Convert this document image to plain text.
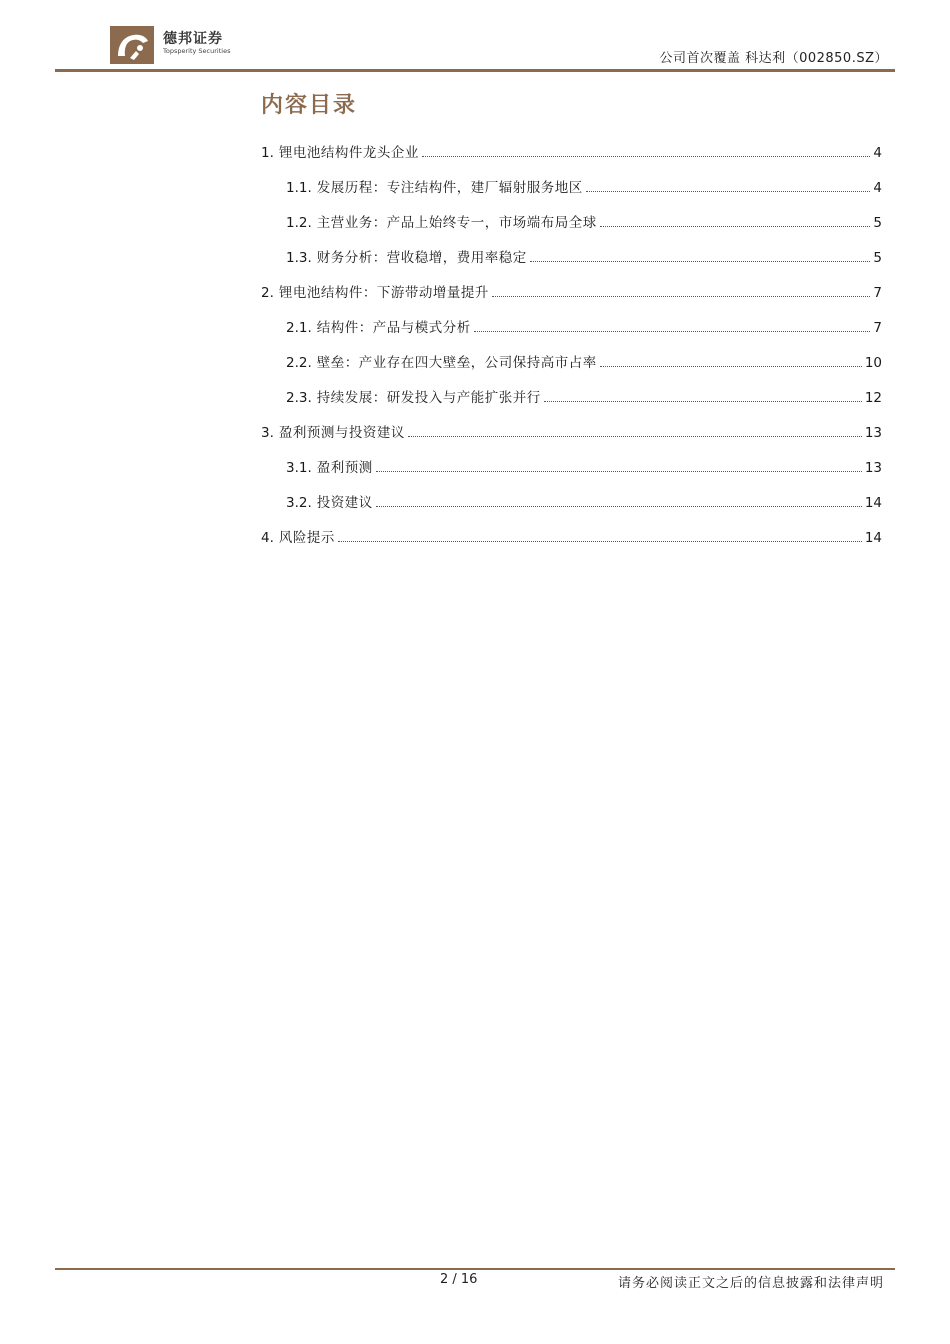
德邦证券
Topsperity Securities	公司首次覆盖 科达利（002850.SZ）
内容目录
1. 锂电池结构件龙头企业	4
1.1. 发展历程：专注结构件，建厂辐射服务地区	4
1.2. 主营业务：产品上始终专一，市场端布局全球	5
1.3. 财务分析：营收稳增，费用率稳定	5
2. 锂电池结构件：下游带动增量提升	7
2.1. 结构件：产品与模式分析	7
2.2. 壁垒：产业存在四大壁垒，公司保持高市占率	10
2.3. 持续发展：研发投入与产能扩张并行	12
3. 盈利预测与投资建议	13
3.1. 盈利预测	13
3.2. 投资建议	14
4. 风险提示	14
2 / 16	请务必阅读正文之后的信息披露和法律声明
